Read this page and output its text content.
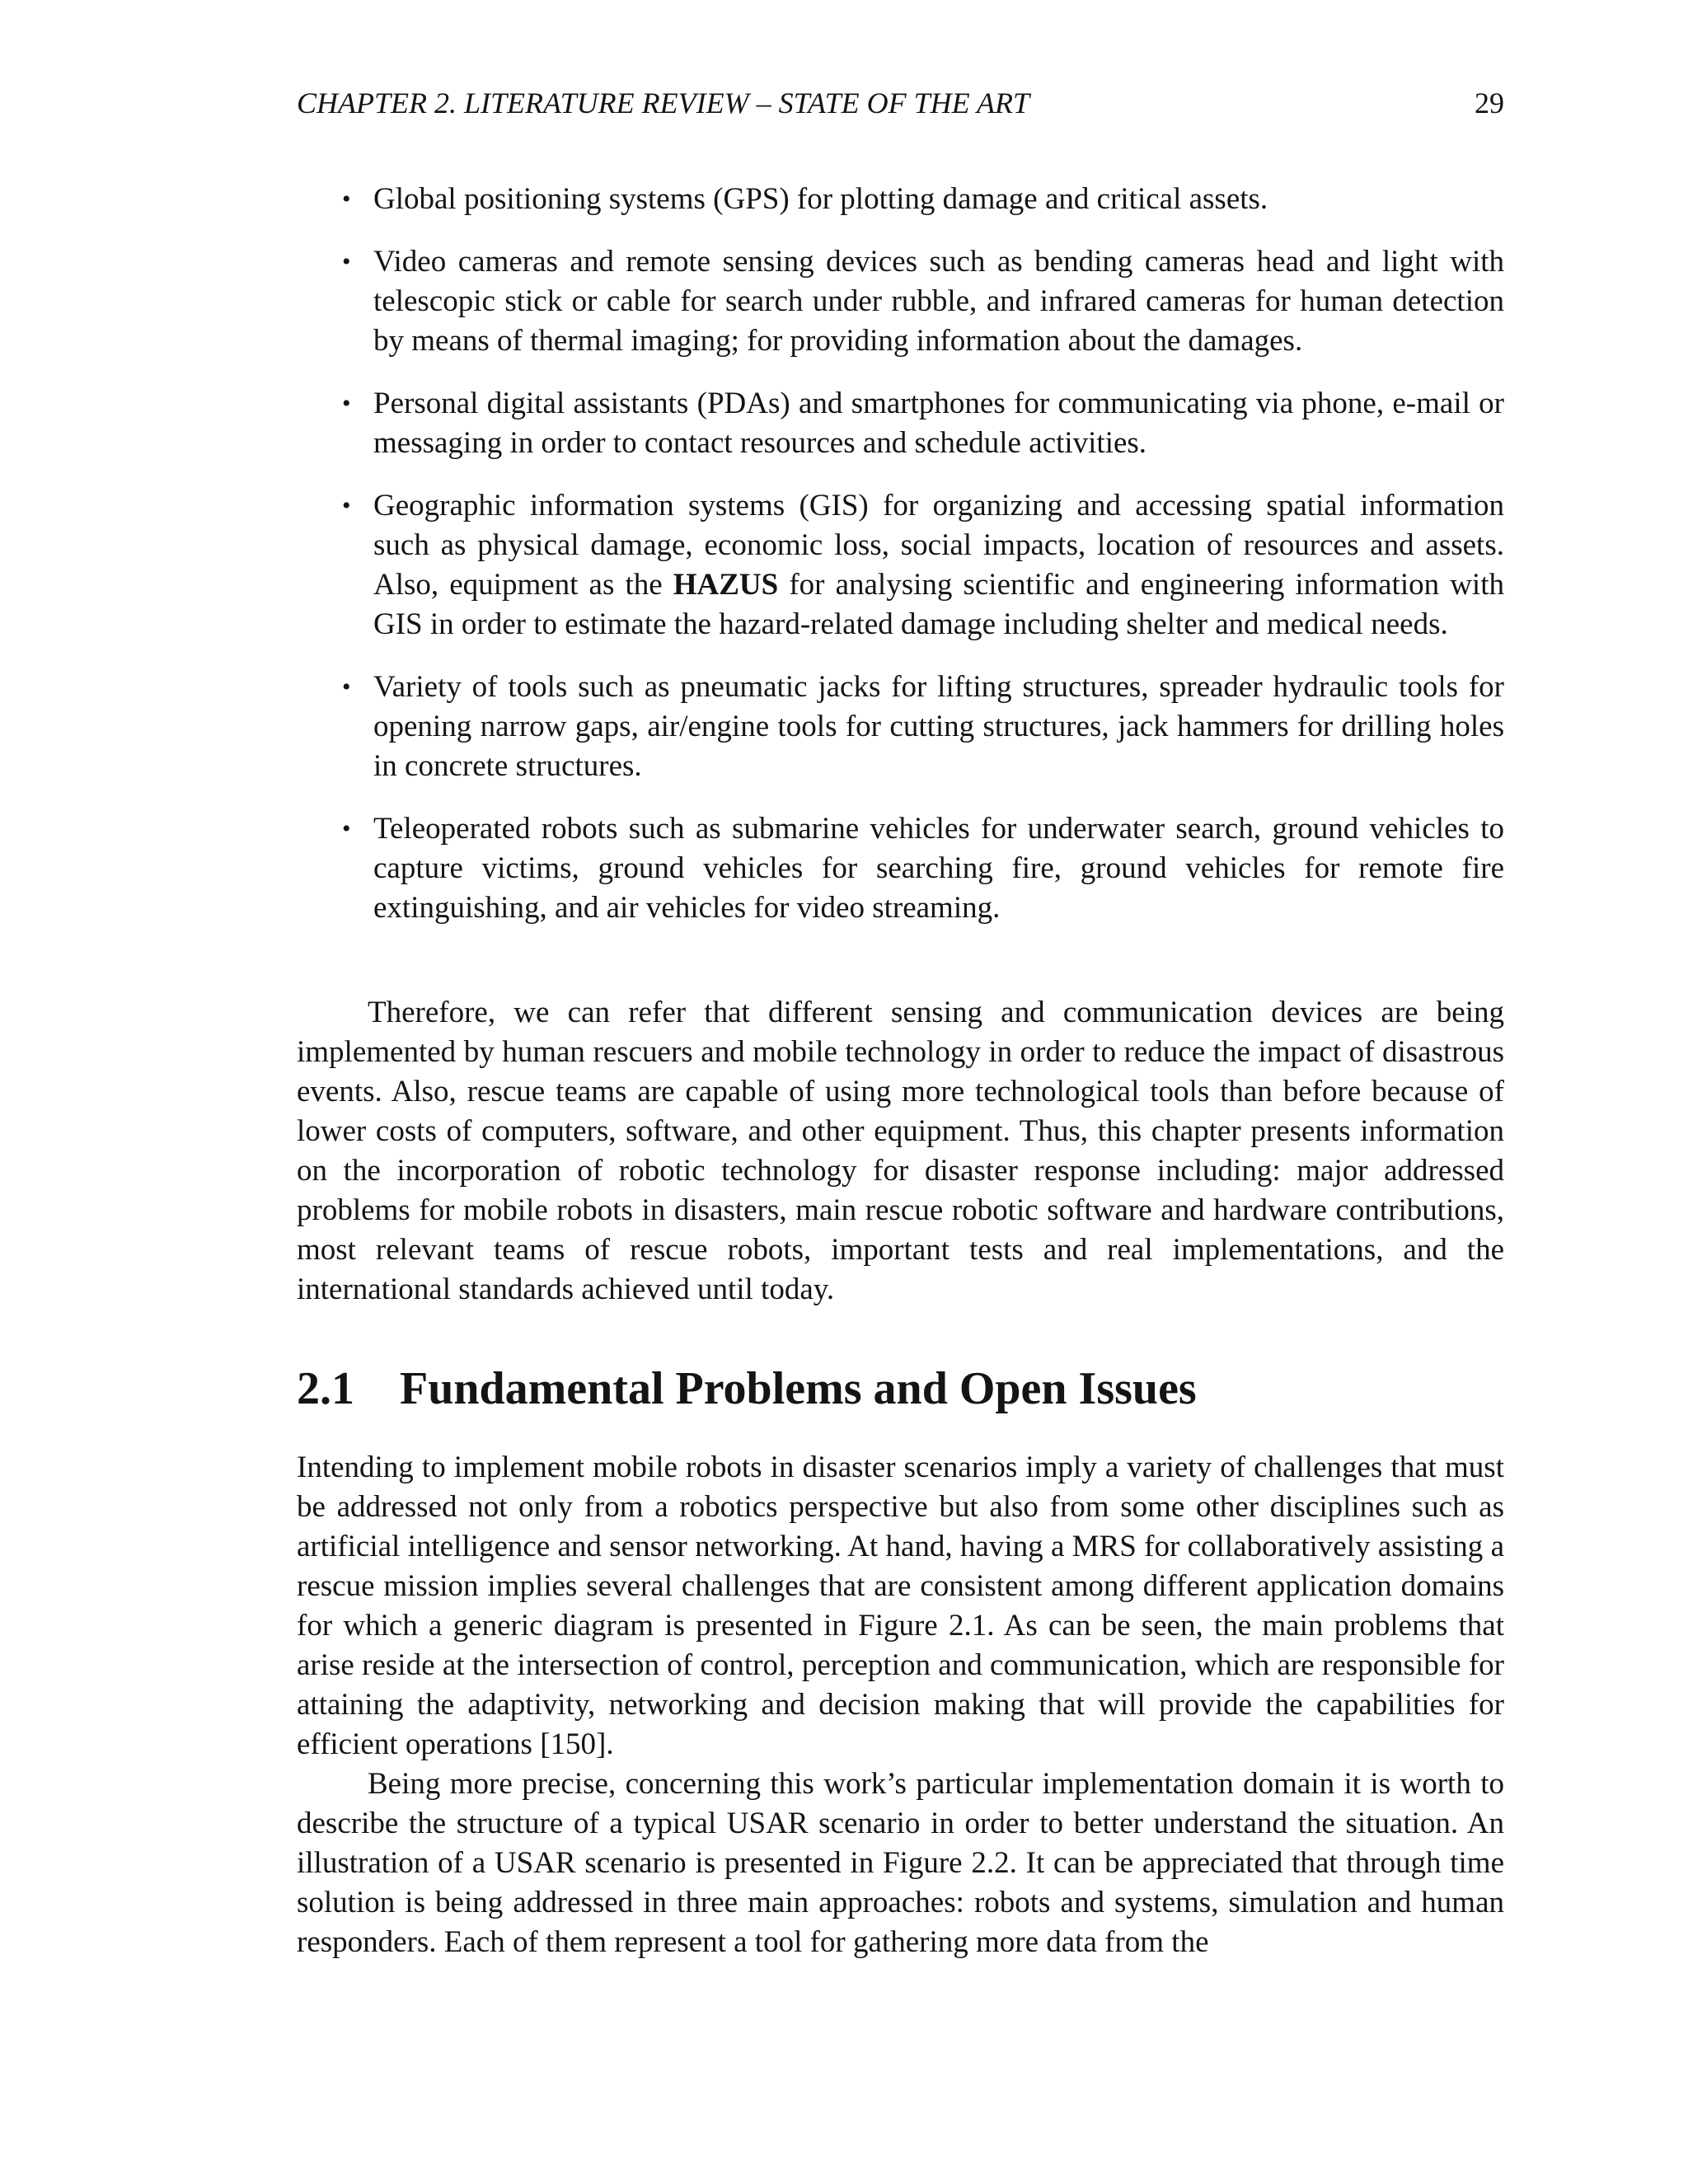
CHAPTER 2. LITERATURE REVIEW – STATE OF THE ART	29
• Global positioning systems (GPS) for plotting damage and critical assets.
• Video cameras and remote sensing devices such as bending cameras head and light with telescopic stick or cable for search under rubble, and infrared cameras for human detection by means of thermal imaging; for providing information about the damages.
• Personal digital assistants (PDAs) and smartphones for communicating via phone, e-mail or messaging in order to contact resources and schedule activities.
• Geographic information systems (GIS) for organizing and accessing spatial information such as physical damage, economic loss, social impacts, location of resources and assets. Also, equipment as the HAZUS for analysing scientific and engineering information with GIS in order to estimate the hazard-related damage including shelter and medical needs.
• Variety of tools such as pneumatic jacks for lifting structures, spreader hydraulic tools for opening narrow gaps, air/engine tools for cutting structures, jack hammers for drilling holes in concrete structures.
• Teleoperated robots such as submarine vehicles for underwater search, ground vehicles to capture victims, ground vehicles for searching fire, ground vehicles for remote fire extinguishing, and air vehicles for video streaming.

Therefore, we can refer that different sensing and communication devices are being implemented by human rescuers and mobile technology in order to reduce the impact of disastrous events. Also, rescue teams are capable of using more technological tools than before because of lower costs of computers, software, and other equipment. Thus, this chapter presents information on the incorporation of robotic technology for disaster response including: major addressed problems for mobile robots in disasters, main rescue robotic software and hardware contributions, most relevant teams of rescue robots, important tests and real implementations, and the international standards achieved until today.

2.1 Fundamental Problems and Open Issues

Intending to implement mobile robots in disaster scenarios imply a variety of challenges that must be addressed not only from a robotics perspective but also from some other disciplines such as artificial intelligence and sensor networking. At hand, having a MRS for collaboratively assisting a rescue mission implies several challenges that are consistent among different application domains for which a generic diagram is presented in Figure 2.1. As can be seen, the main problems that arise reside at the intersection of control, perception and communication, which are responsible for attaining the adaptivity, networking and decision making that will provide the capabilities for efficient operations [150].

Being more precise, concerning this work’s particular implementation domain it is worth to describe the structure of a typical USAR scenario in order to better understand the situation. An illustration of a USAR scenario is presented in Figure 2.2. It can be appreciated that through time solution is being addressed in three main approaches: robots and systems, simulation and human responders. Each of them represent a tool for gathering more data from the
